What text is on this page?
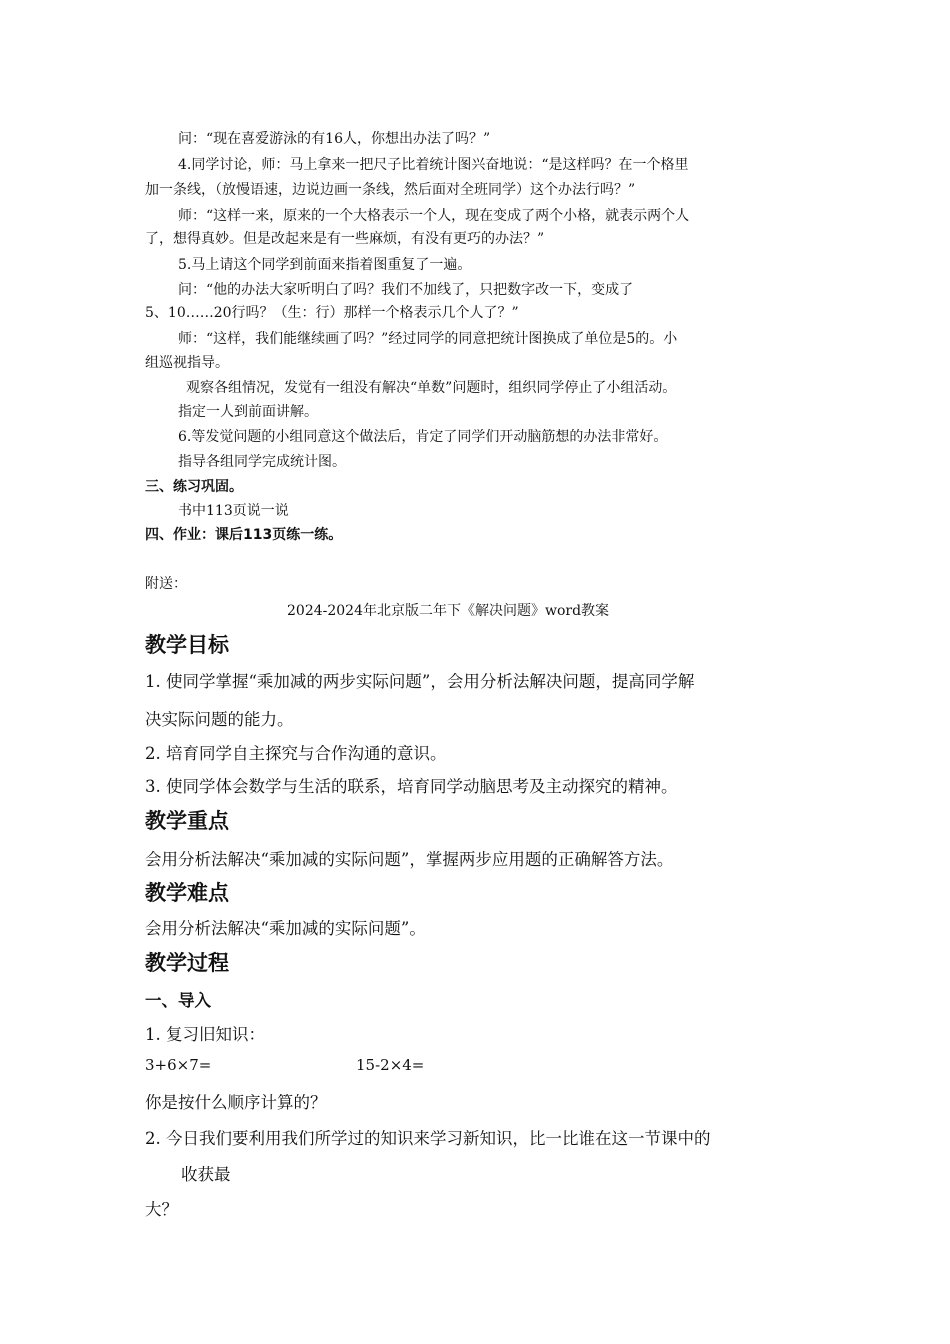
问：“现在喜爱游泳的有16人，你想出办法了吗？”
4.同学讨论，师：马上拿来一把尺子比着统计图兴奋地说：“是这样吗？在一个格里
加一条线，（放慢语速，边说边画一条线，然后面对全班同学）这个办法行吗？”
师：“这样一来，原来的一个大格表示一个人，现在变成了两个小格，就表示两个人
了，想得真妙。但是改起来是有一些麻烦，有没有更巧的办法？”
5.马上请这个同学到前面来指着图重复了一遍。
问：“他的办法大家听明白了吗？我们不加线了，只把数字改一下，变成了
5、10……20行吗？（生：行）那样一个格表示几个人了？”
师：“这样，我们能继续画了吗？”经过同学的同意把统计图换成了单位是5的。小
组巡视指导。
观察各组情况，发觉有一组没有解决“单数”问题时，组织同学停止了小组活动。
指定一人到前面讲解。
6.等发觉问题的小组同意这个做法后，肯定了同学们开动脑筋想的办法非常好。
指导各组同学完成统计图。
三、练习巩固。
书中113页说一说
四、作业：课后113页练一练。
附送：
2024-2024年北京版二年下《解决问题》word教案
教学目标
1. 使同学掌握“乘加减的两步实际问题”，会用分析法解决问题，提高同学解
决实际问题的能力。
2. 培育同学自主探究与合作沟通的意识。
3. 使同学体会数学与生活的联系，培育同学动脑思考及主动探究的精神。
教学重点
会用分析法解决“乘加减的实际问题”，掌握两步应用题的正确解答方法。
教学难点
会用分析法解决“乘加减的实际问题”。
教学过程
一、导入
1. 复习旧知识：
3+6×7=	15-2×4=
你是按什么顺序计算的？
2. 今日我们要利用我们所学过的知识来学习新知识，比一比谁在这一节课中的
收获最
大？
